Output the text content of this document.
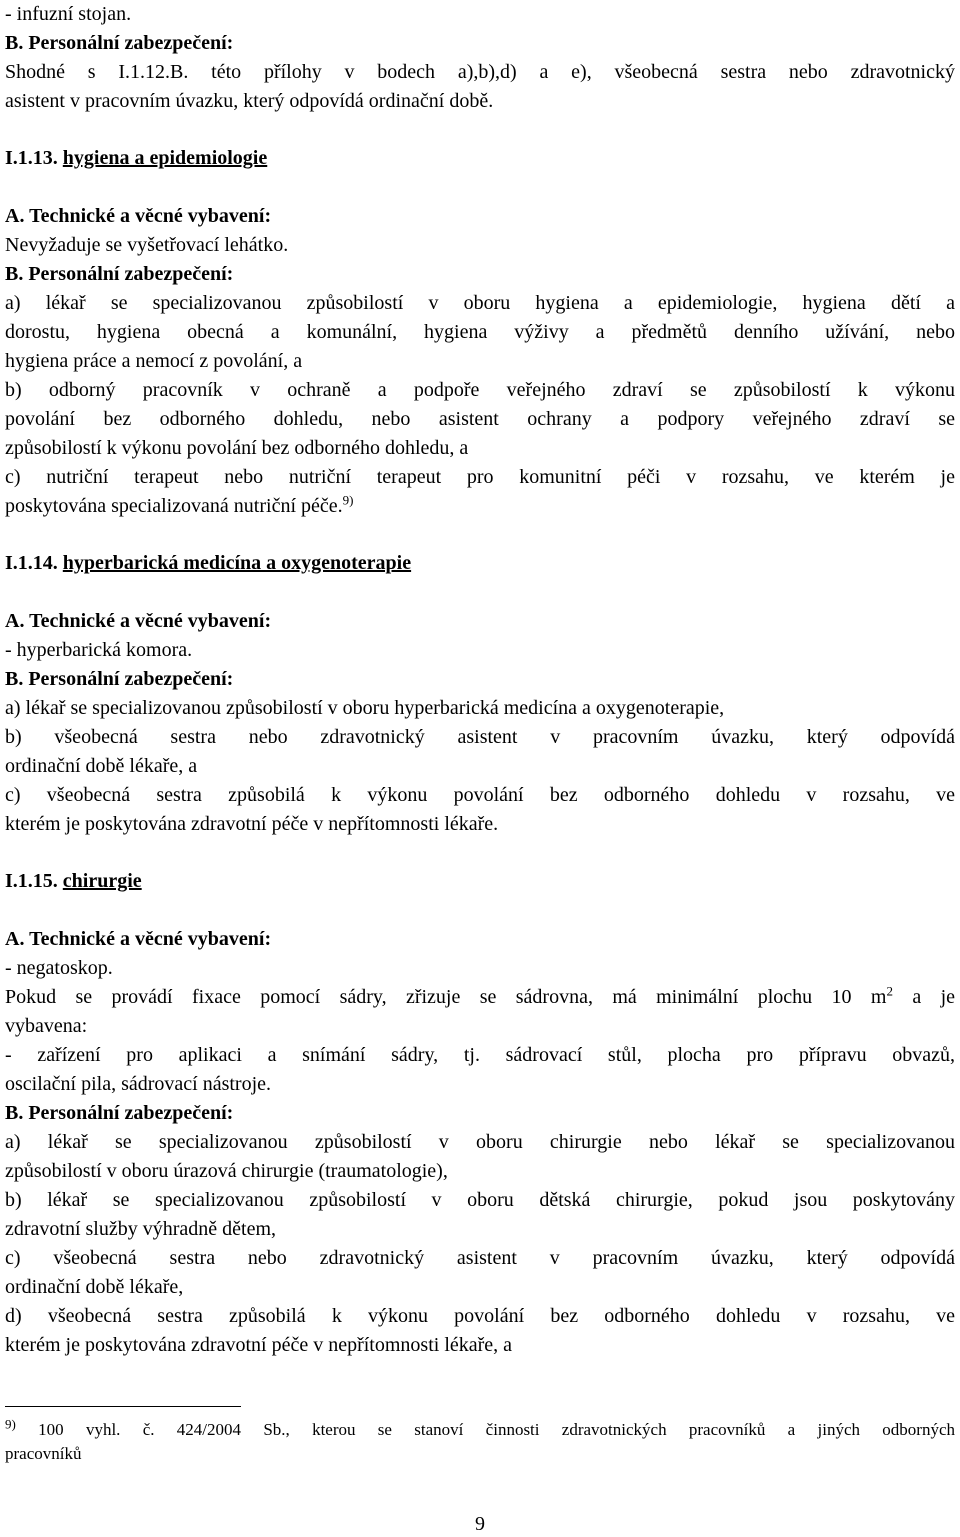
- infuzní stojan.
B. Personální zabezpečení:
Shodné s I.1.12.B. této přílohy v bodech a),b),d) a e), všeobecná sestra nebo zdravotnický
asistent v pracovním úvazku, který odpovídá ordinační době.
I.1.13. hygiena a epidemiologie
A. Technické a věcné vybavení:
Nevyžaduje se vyšetřovací lehátko.
B. Personální zabezpečení:
a) lékař se specializovanou způsobilostí v oboru hygiena a epidemiologie, hygiena dětí a
dorostu, hygiena obecná a komunální, hygiena výživy a předmětů denního užívání, nebo
hygiena práce a nemocí z povolání, a
b) odborný pracovník v ochraně a podpoře veřejného zdraví se způsobilostí k výkonu
povolání bez odborného dohledu, nebo asistent ochrany a podpory veřejného zdraví se
způsobilostí k výkonu povolání bez odborného dohledu, a
c) nutriční terapeut nebo nutriční terapeut pro komunitní péči v rozsahu, ve kterém je
poskytována specializovaná nutriční péče.$^{9)}$
I.1.14. hyperbarická medicína a oxygenoterapie
A. Technické a věcné vybavení:
- hyperbarická komora.
B. Personální zabezpečení:
a) lékař se specializovanou způsobilostí v oboru hyperbarická medicína a oxygenoterapie,
b) všeobecná sestra nebo zdravotnický asistent v pracovním úvazku, který odpovídá
ordinační době lékaře, a
c) všeobecná sestra způsobilá k výkonu povolání bez odborného dohledu v rozsahu, ve
kterém je poskytována zdravotní péče v nepřítomnosti lékaře.
I.1.15. chirurgie
A. Technické a věcné vybavení:
- negatoskop.
Pokud se provádí fixace pomocí sádry, zřizuje se sádrovna, má minimální plochu 10 $m^2$ a je
vybavena:
- zařízení pro aplikaci a snímání sádry, tj. sádrovací stůl, plocha pro přípravu obvazů,
oscilační pila, sádrovací nástroje.
B. Personální zabezpečení:
a) lékař se specializovanou způsobilostí v oboru chirurgie nebo lékař se specializovanou
způsobilostí v oboru úrazová chirurgie (traumatologie),
b) lékař se specializovanou způsobilostí v oboru dětská chirurgie, pokud jsou poskytovány
zdravotní služby výhradně dětem,
c) všeobecná sestra nebo zdravotnický asistent v pracovním úvazku, který odpovídá
ordinační době lékaře,
d) všeobecná sestra způsobilá k výkonu povolání bez odborného dohledu v rozsahu, ve
kterém je poskytována zdravotní péče v nepřítomnosti lékaře, a
$^{9)}$ 100 vyhl. č. 424/2004 Sb., kterou se stanoví činnosti zdravotnických pracovníků a jiných odborných
pracovníků
9
